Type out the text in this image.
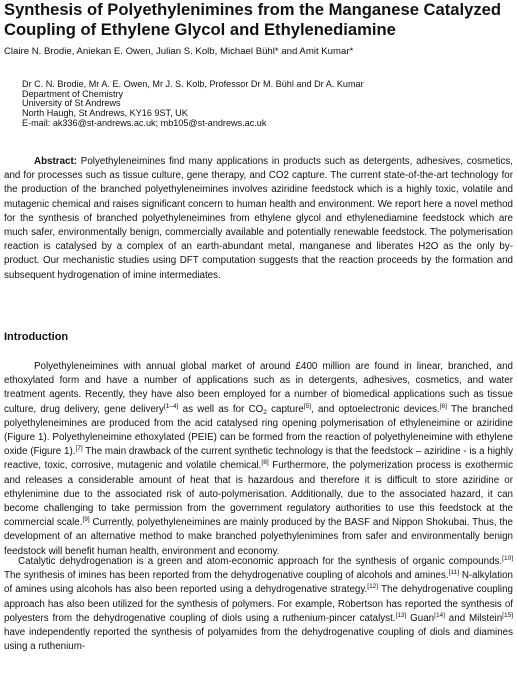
Synthesis of Polyethylenimines from the Manganese Catalyzed Coupling of Ethylene Glycol and Ethylenediamine
Claire N. Brodie, Aniekan E. Owen, Julian S. Kolb, Michael Bühl* and Amit Kumar*
Dr C. N. Brodie, Mr A. E. Owen, Mr J. S. Kolb, Professor Dr M. Bühl and Dr A. Kumar
Department of Chemistry
University of St Andrews
North Haugh, St Andrews, KY16 9ST, UK
E-mail: ak336@st-andrews.ac.uk; mb105@st-andrews.ac.uk

Abstract: Polyethyleneimines find many applications in products such as detergents, adhesives, cosmetics, and for processes such as tissue culture, gene therapy, and CO2 capture. The current state-of-the-art technology for the production of the branched polyethyleneimines involves aziridine feedstock which is a highly toxic, volatile and mutagenic chemical and raises significant concern to human health and environment. We report here a novel method for the synthesis of branched polyethyleneimines from ethylene glycol and ethylenediamine feedstock which are much safer, environmentally benign, commercially available and potentially renewable feedstock. The polymerisation reaction is catalysed by a complex of an earth-abundant metal, manganese and liberates H2O as the only by-product. Our mechanistic studies using DFT computation suggests that the reaction proceeds by the formation and subsequent hydrogenation of imine intermediates.

Introduction

Polyethyleneimines with annual global market of around £400 million are found in linear, branched, and ethoxylated form and have a number of applications such as in detergents, adhesives, cosmetics, and water treatment agents. Recently, they have also been employed for a number of biomedical applications such as tissue culture, drug delivery, gene delivery[1–4] as well as for $CO_2$ capture[5], and optoelectronic devices.[6] The branched polyethyleneimines are produced from the acid catalysed ring opening polymerisation of ethyleneimine or aziridine (Figure 1). Polyethyleneimine ethoxylated (PEIE) can be formed from the reaction of polyethyleneimine with ethylene oxide (Figure 1).[7] The main drawback of the current synthetic technology is that the feedstock – aziridine - is a highly reactive, toxic, corrosive, mutagenic and volatile chemical.[8] Furthermore, the polymerization process is exothermic and releases a considerable amount of heat that is hazardous and therefore it is difficult to store aziridine or ethylenimine due to the associated risk of auto-polymerisation. Additionally, due to the associated hazard, it can become challenging to take permission from the government regulatory authorities to use this feedstock at the commercial scale.[9] Currently, polyethyleneimines are mainly produced by the BASF and Nippon Shokubai. Thus, the development of an alternative method to make branched polyethylenimines from safer and environmentally benign feedstock will benefit human health, environment and economy.

Catalytic dehydrogenation is a green and atom-economic approach for the synthesis of organic compounds.[10] The synthesis of imines has been reported from the dehydrogenative coupling of alcohols and amines.[11] N-alkylation of amines using alcohols has also been reported using a dehydrogenative strategy.[12] The dehydrogenative coupling approach has also been utilized for the synthesis of polymers. For example, Robertson has reported the synthesis of polyesters from the dehydrogenative coupling of diols using a ruthenium-pincer catalyst.[13] Guan[14] and Milstein[15] have independently reported the synthesis of polyamides from the dehydrogenative coupling of diols and diamines using a ruthenium-
